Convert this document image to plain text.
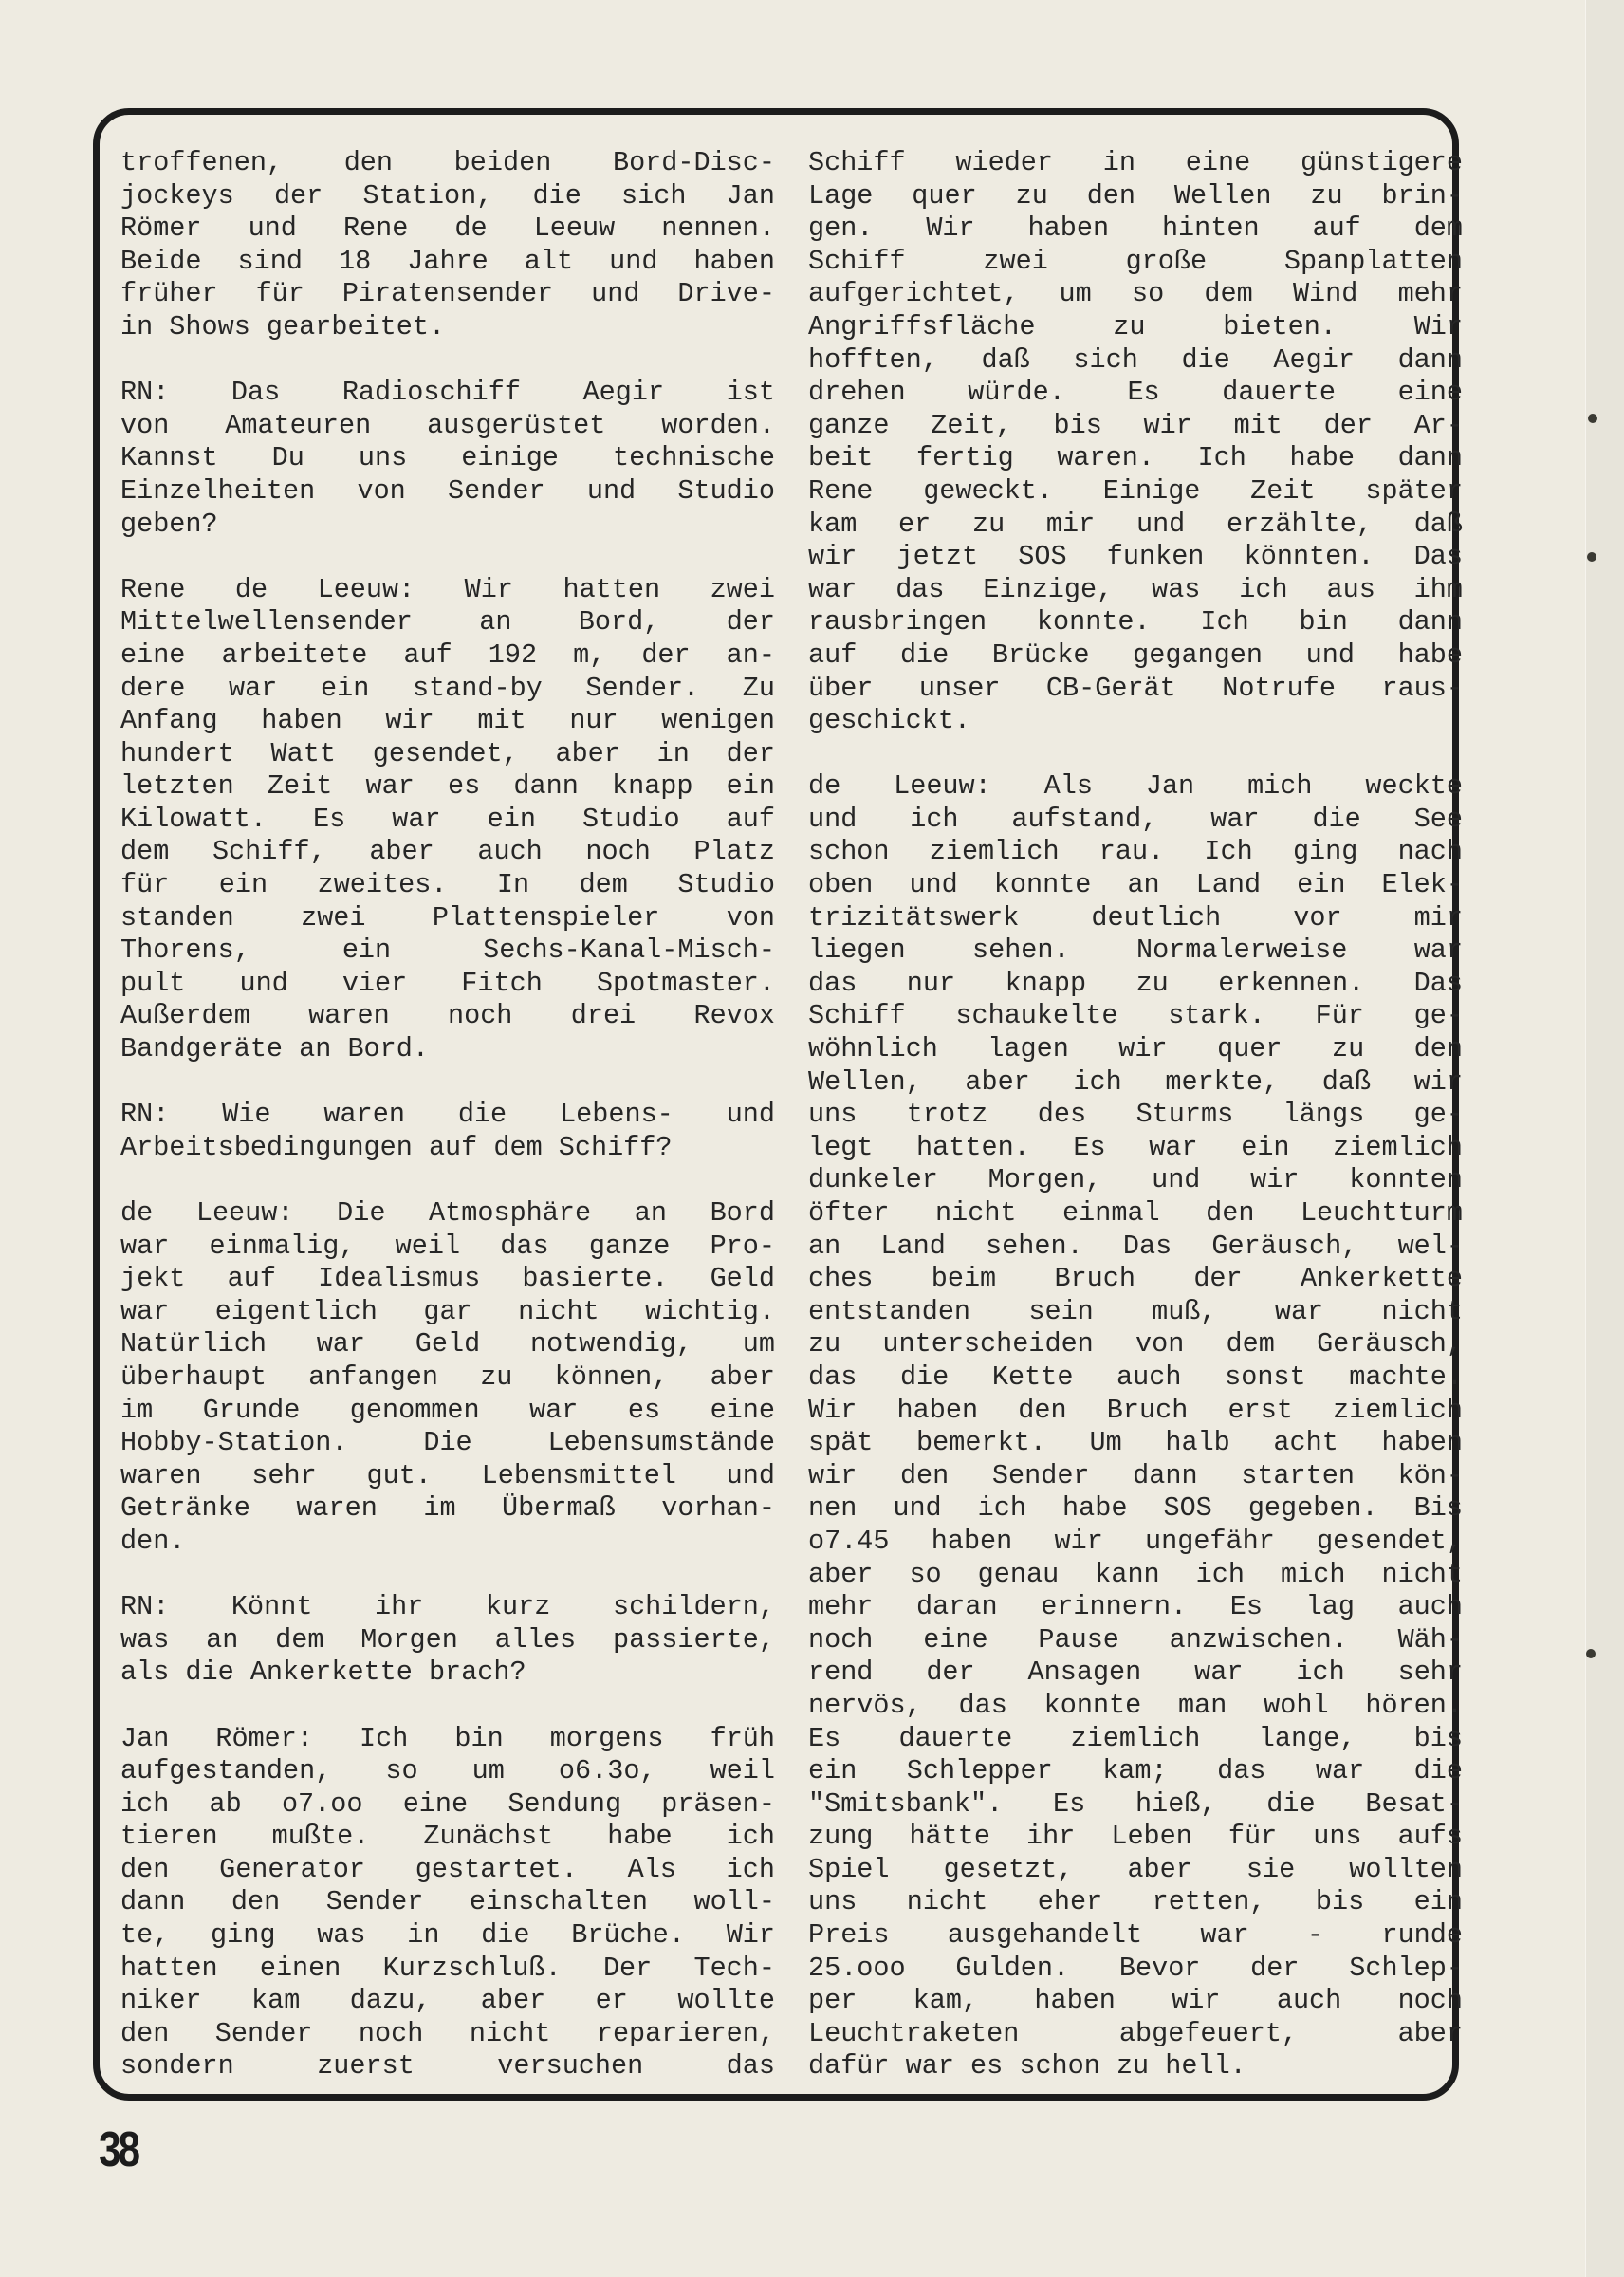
troffenen, den beiden Bord-Disc-
jockeys der Station, die sich Jan
Römer und Rene de Leeuw nennen.
Beide sind 18 Jahre alt und haben
früher für Piratensender und Drive-
in Shows gearbeitet.
RN: Das Radioschiff Aegir ist
von Amateuren ausgerüstet worden.
Kannst Du uns einige technische
Einzelheiten von Sender und Studio
geben?
Rene de Leeuw: Wir hatten zwei
Mittelwellensender an Bord, der
eine arbeitete auf 192 m, der an-
dere war ein stand-by Sender. Zu
Anfang haben wir mit nur wenigen
hundert Watt gesendet, aber in der
letzten Zeit war es dann knapp ein
Kilowatt. Es war ein Studio auf
dem Schiff, aber auch noch Platz
für ein zweites. In dem Studio
standen zwei Plattenspieler von
Thorens, ein Sechs-Kanal-Misch-
pult und vier Fitch Spotmaster.
Außerdem waren noch drei Revox
Bandgeräte an Bord.
RN: Wie waren die Lebens- und
Arbeitsbedingungen auf dem Schiff?
de Leeuw: Die Atmosphäre an Bord
war einmalig, weil das ganze Pro-
jekt auf Idealismus basierte. Geld
war eigentlich gar nicht wichtig.
Natürlich war Geld notwendig, um
überhaupt anfangen zu können, aber
im Grunde genommen war es eine
Hobby-Station. Die Lebensumstände
waren sehr gut. Lebensmittel und
Getränke waren im Übermaß vorhan-
den.
RN: Könnt ihr kurz schildern,
was an dem Morgen alles passierte,
als die Ankerkette brach?
Jan Römer: Ich bin morgens früh
aufgestanden, so um o6.3o, weil
ich ab o7.oo eine Sendung präsen-
tieren mußte. Zunächst habe ich
den Generator gestartet. Als ich
dann den Sender einschalten woll-
te, ging was in die Brüche. Wir
hatten einen Kurzschluß. Der Tech-
niker kam dazu, aber er wollte
den Sender noch nicht reparieren,
sondern zuerst versuchen das
Schiff wieder in eine günstigere
Lage quer zu den Wellen zu brin-
gen. Wir haben hinten auf dem
Schiff zwei große Spanplatten
aufgerichtet, um so dem Wind mehr
Angriffsfläche zu bieten. Wir
hofften, daß sich die Aegir dann
drehen würde. Es dauerte eine
ganze Zeit, bis wir mit der Ar-
beit fertig waren. Ich habe dann
Rene geweckt. Einige Zeit später
kam er zu mir und erzählte, daß
wir jetzt SOS funken könnten. Das
war das Einzige, was ich aus ihm
rausbringen konnte. Ich bin dann
auf die Brücke gegangen und habe
über unser CB-Gerät Notrufe raus-
geschickt.
de Leeuw: Als Jan mich weckte
und ich aufstand, war die See
schon ziemlich rau. Ich ging nach
oben und konnte an Land ein Elek-
trizitätswerk deutlich vor mir
liegen sehen. Normalerweise war
das nur knapp zu erkennen. Das
Schiff schaukelte stark. Für ge-
wöhnlich lagen wir quer zu den
Wellen, aber ich merkte, daß wir
uns trotz des Sturms längs ge-
legt hatten. Es war ein ziemlich
dunkeler Morgen, und wir konnten
öfter nicht einmal den Leuchtturm
an Land sehen. Das Geräusch, wel-
ches beim Bruch der Ankerkette
entstanden sein muß, war nicht
zu unterscheiden von dem Geräusch,
das die Kette auch sonst machte.
Wir haben den Bruch erst ziemlich
spät bemerkt. Um halb acht haben
wir den Sender dann starten kön-
nen und ich habe SOS gegeben. Bis
o7.45 haben wir ungefähr gesendet,
aber so genau kann ich mich nicht
mehr daran erinnern. Es lag auch
noch eine Pause anzwischen. Wäh-
rend der Ansagen war ich sehr
nervös, das konnte man wohl hören.
Es dauerte ziemlich lange, bis
ein Schlepper kam; das war die
"Smitsbank". Es hieß, die Besat-
zung hätte ihr Leben für uns aufs
Spiel gesetzt, aber sie wollten
uns nicht eher retten, bis ein
Preis ausgehandelt war - runde
25.ooo Gulden. Bevor der Schlep-
per kam, haben wir auch noch
Leuchtraketen abgefeuert, aber
dafür war es schon zu hell.
38
